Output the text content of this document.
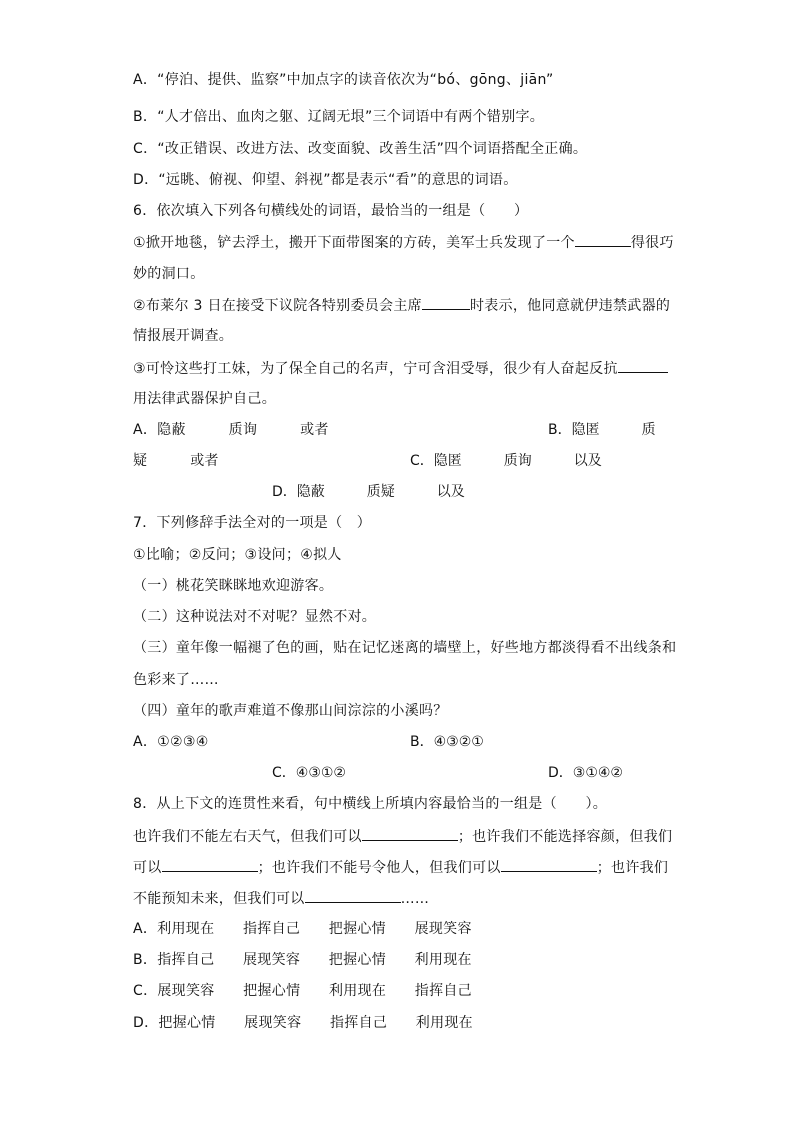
A．“停泊、提供、监察”中加点字的读音依次为“bó、gōng、jiān”
B．“人才倍出、血肉之躯、辽阔无垠”三个词语中有两个错别字。
C．“改正错误、改进方法、改变面貌、改善生活”四个词语搭配全正确。
D．“远眺、俯视、仰望、斜视”都是表示“看”的意思的词语。
6．依次填入下列各句横线处的词语，最恰当的一组是（　　）
①掀开地毯，铲去浮土，搬开下面带图案的方砖，美军士兵发现了一个	得很巧
妙的洞口。
②布莱尔 3 日在接受下议院各特别委员会主席	时表示，他同意就伊违禁武器的
情报展开调查。
③可怜这些打工妹，为了保全自己的名声，宁可含泪受辱，很少有人奋起反抗
用法律武器保护自己。
A．隐蔽　　　质询　　　或者	B．隐匿　　　质
疑　　　或者	C．隐匿　　　质询　　　以及
D．隐蔽　　　质疑　　　以及
7．下列修辞手法全对的一项是（　）
①比喻；②反问；③设问；④拟人
（一）桃花笑眯眯地欢迎游客。
（二）这种说法对不对呢？显然不对。
（三）童年像一幅褪了色的画，贴在记忆迷离的墙壁上，好些地方都淡得看不出线条和
色彩来了……
（四）童年的歌声难道不像那山间淙淙的小溪吗？
A．①②③④	B．④③②①
C．④③①②	D．③①④②
8．从上下文的连贯性来看，句中横线上所填内容最恰当的一组是（　　）。
也许我们不能左右天气，但我们可以	；也许我们不能选择容颜，但我们
可以	；也许我们不能号令他人，但我们可以	；也许我们
不能预知未来，但我们可以	……
A．利用现在　　指挥自己　　把握心情　　展现笑容
B．指挥自己　　展现笑容　　把握心情　　利用现在
C．展现笑容　　把握心情　　利用现在　　指挥自己
D．把握心情　　展现笑容　　指挥自己　　利用现在
